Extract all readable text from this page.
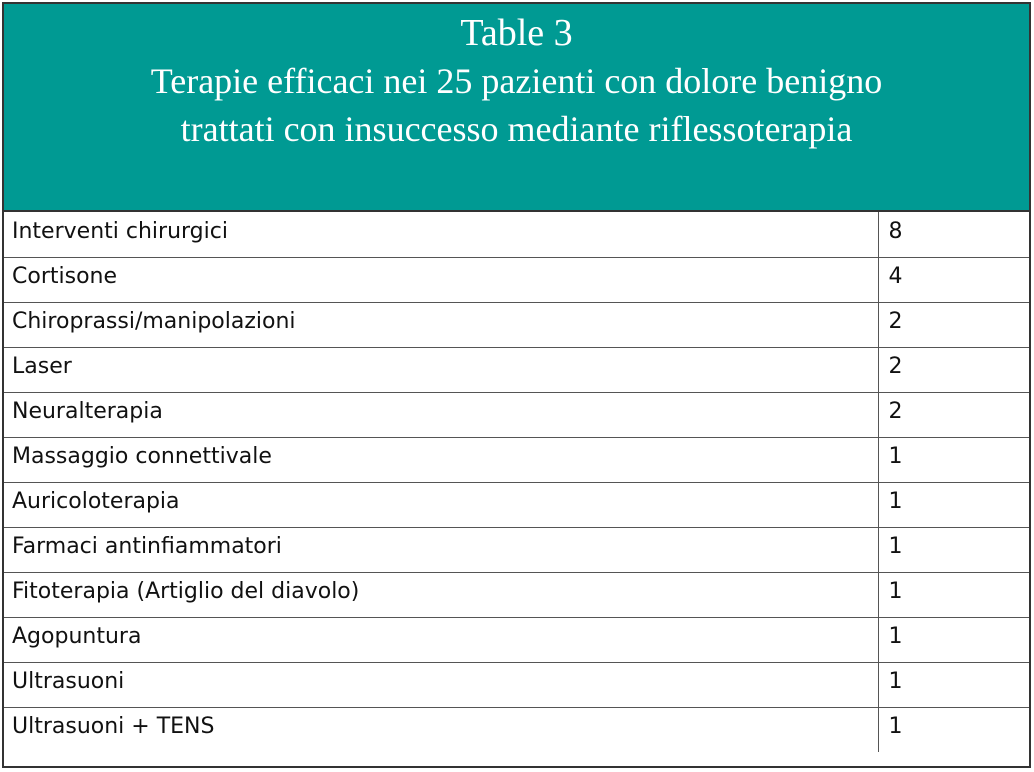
Table 3
Terapie efficaci nei 25 pazienti con dolore benigno
trattati con insuccesso mediante riflessoterapia
Interventi chirurgici	8
Cortisone	4
Chiroprassi/manipolazioni	2
Laser	2
Neuralterapia	2
Massaggio connettivale	1
Auricoloterapia	1
Farmaci antinfiammatori	1
Fitoterapia (Artiglio del diavolo)	1
Agopuntura	1
Ultrasuoni	1
Ultrasuoni + TENS	1
